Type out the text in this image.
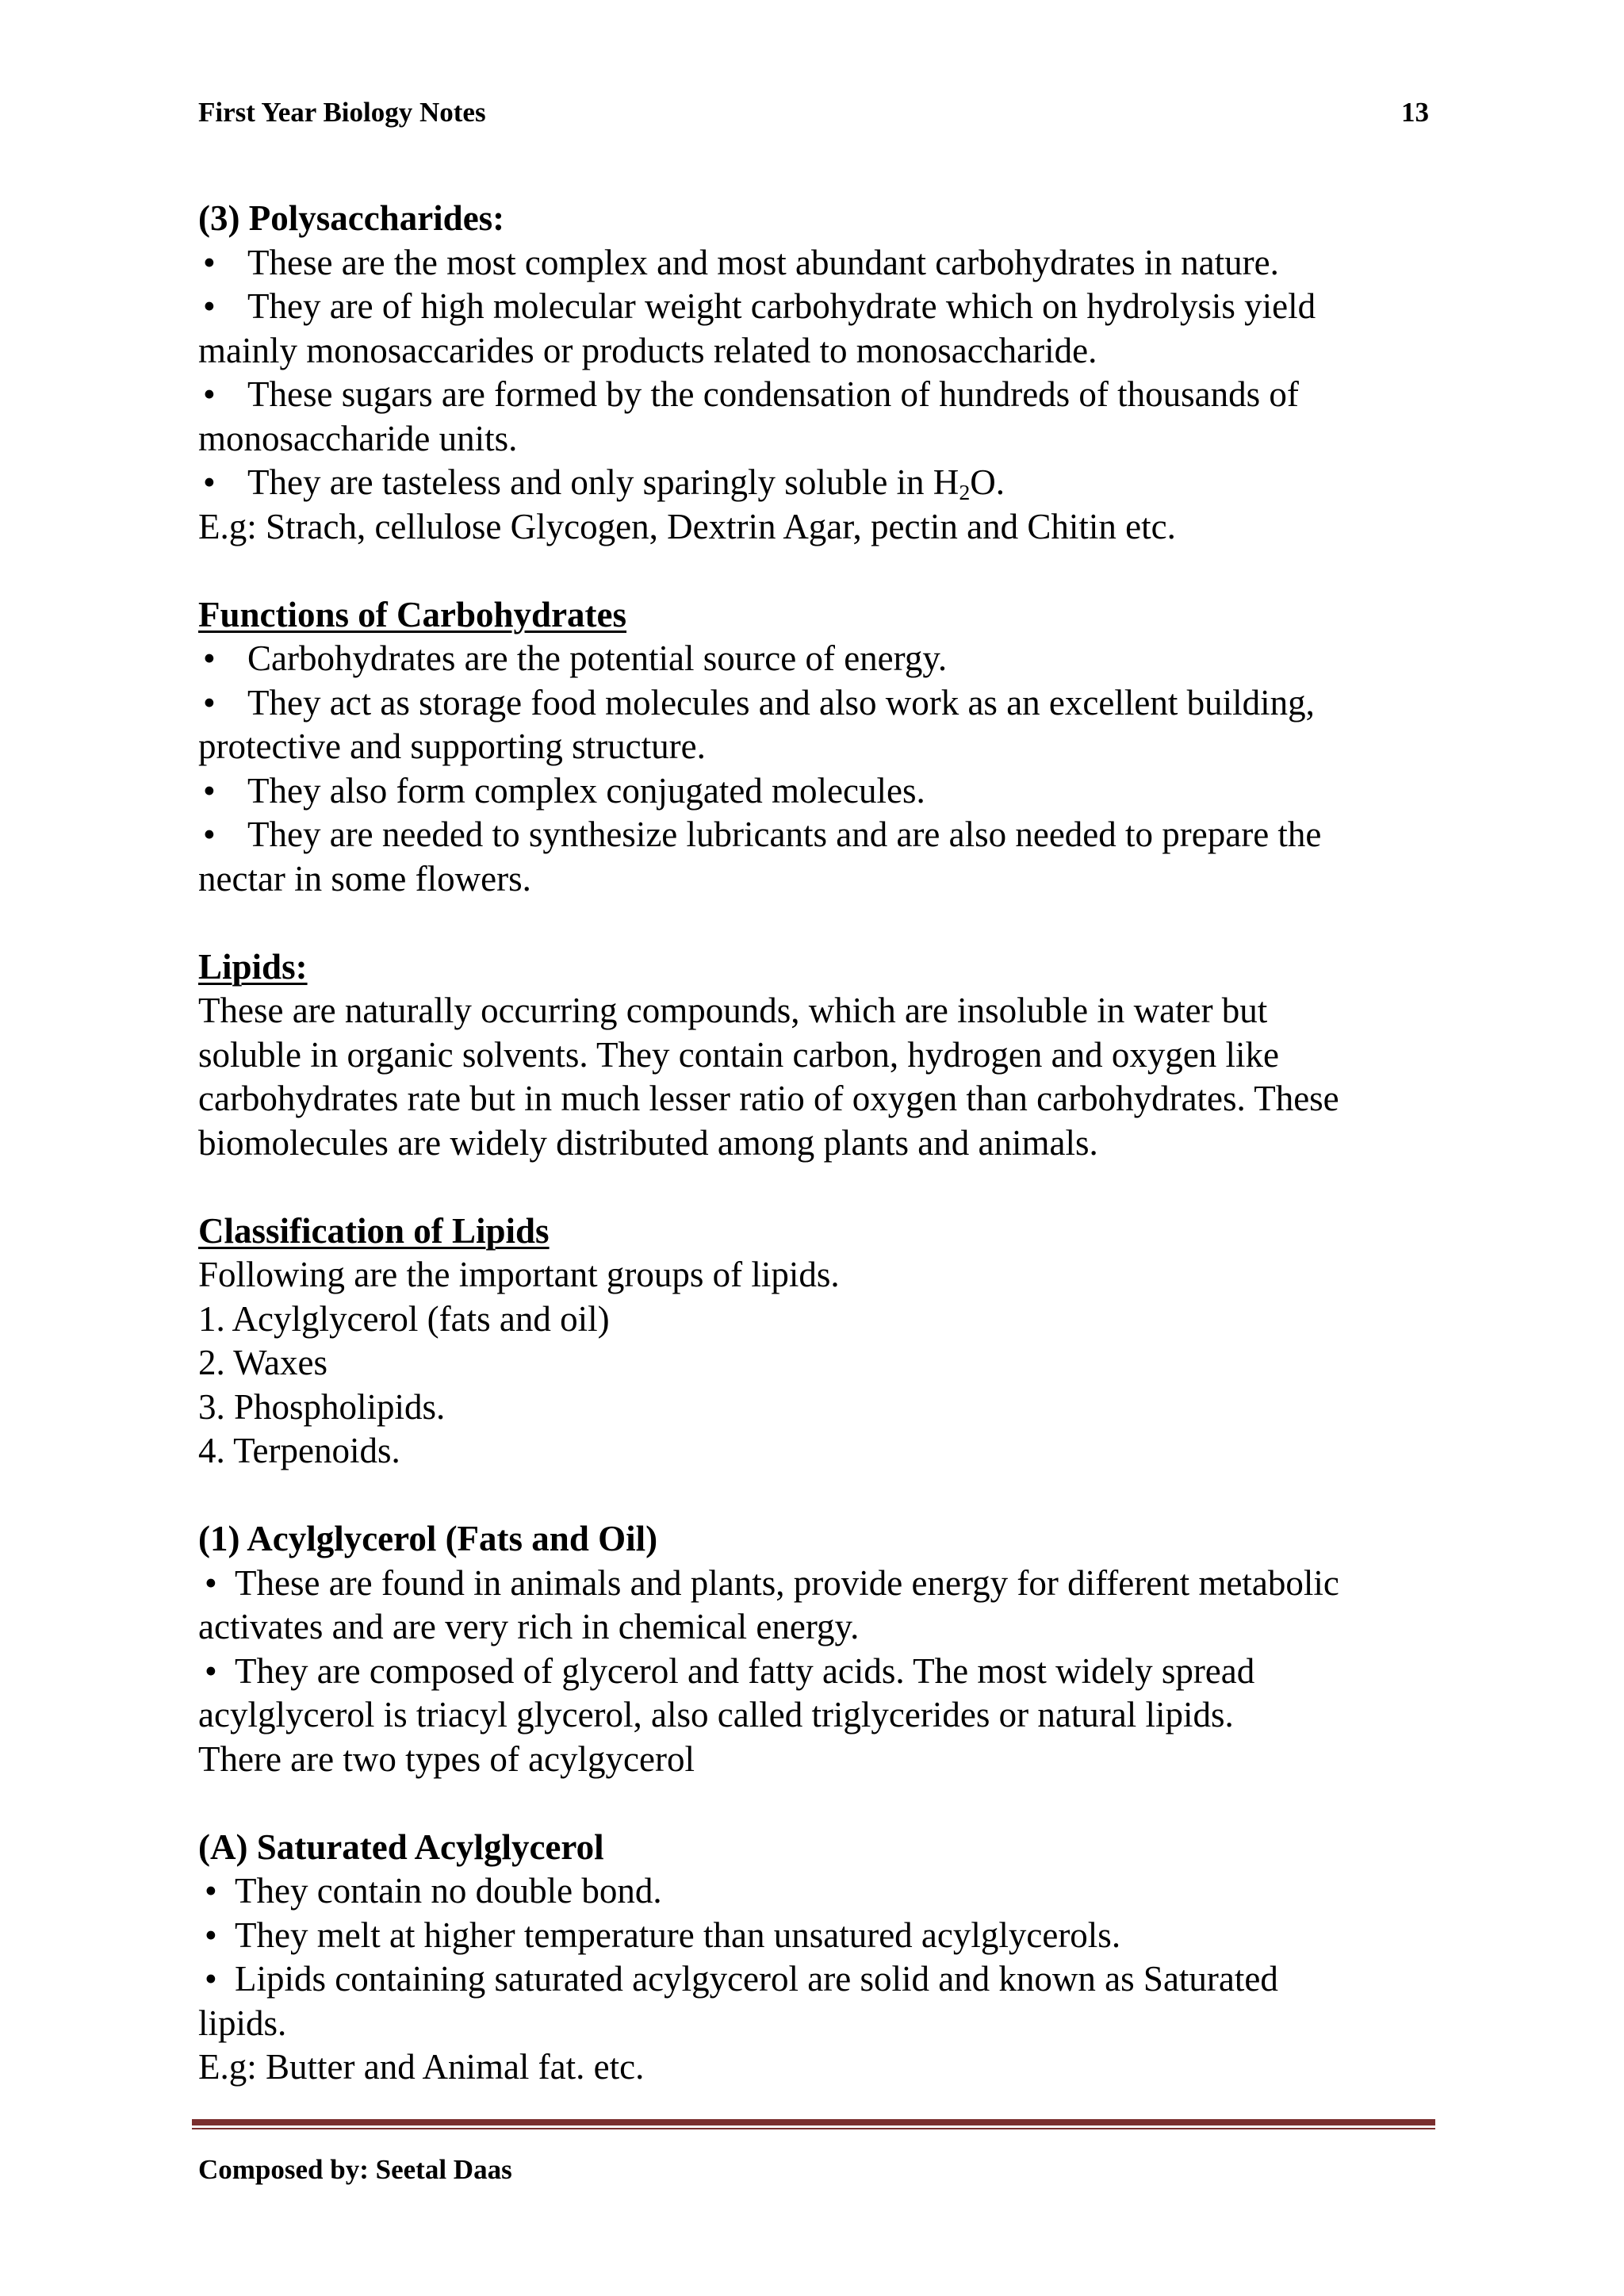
First Year Biology Notes	13
(3) Polysaccharides:
• These are the most complex and most abundant carbohydrates in nature.
• They are of high molecular weight carbohydrate which on hydrolysis yield
mainly monosaccarides or products related to monosaccharide.
• These sugars are formed by the condensation of hundreds of thousands of
monosaccharide units.
• They are tasteless and only sparingly soluble in $H_2O$.
E.g: Strach, cellulose Glycogen, Dextrin Agar, pectin and Chitin etc.
Functions of Carbohydrates
• Carbohydrates are the potential source of energy.
• They act as storage food molecules and also work as an excellent building,
protective and supporting structure.
• They also form complex conjugated molecules.
• They are needed to synthesize lubricants and are also needed to prepare the
nectar in some flowers.
Lipids:
These are naturally occurring compounds, which are insoluble in water but
soluble in organic solvents. They contain carbon, hydrogen and oxygen like
carbohydrates rate but in much lesser ratio of oxygen than carbohydrates. These
biomolecules are widely distributed among plants and animals.
Classification of Lipids
Following are the important groups of lipids.
1. Acylglycerol (fats and oil)
2. Waxes
3. Phospholipids.
4. Terpenoids.
(1) Acylglycerol (Fats and Oil)
• These are found in animals and plants, provide energy for different metabolic
activates and are very rich in chemical energy.
• They are composed of glycerol and fatty acids. The most widely spread
acylglycerol is triacyl glycerol, also called triglycerides or natural lipids.
There are two types of acylgycerol
(A) Saturated Acylglycerol
• They contain no double bond.
• They melt at higher temperature than unsatured acylglycerols.
• Lipids containing saturated acylgycerol are solid and known as Saturated
lipids.
E.g: Butter and Animal fat. etc.
Composed by: Seetal Daas
